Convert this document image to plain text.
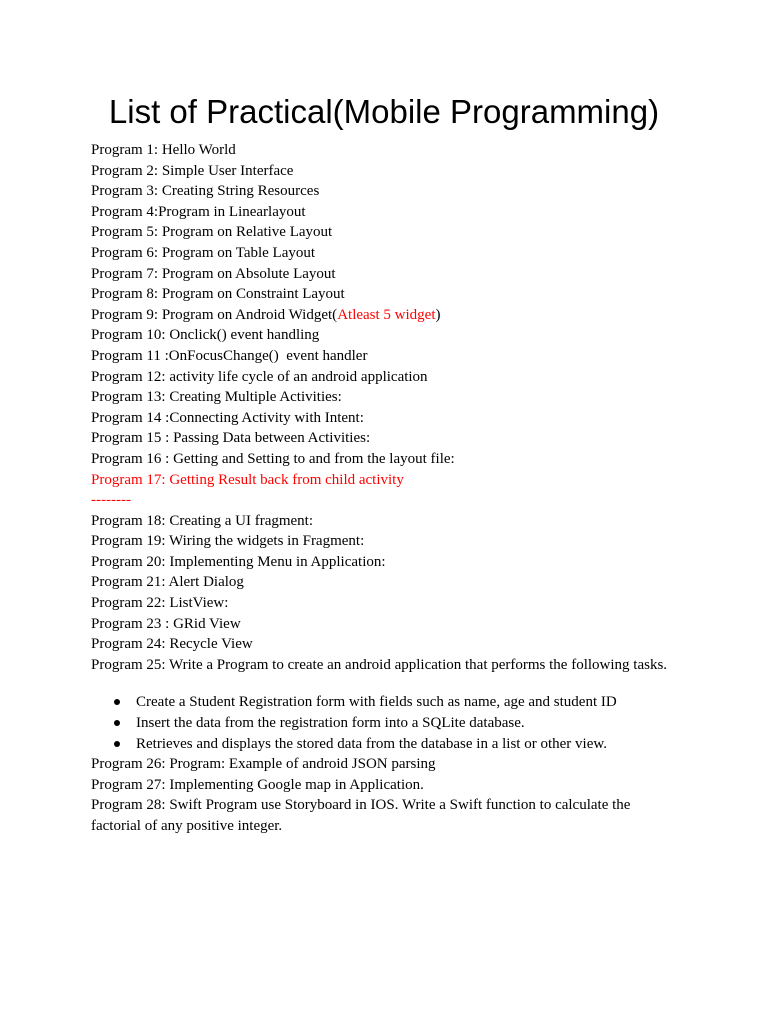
List of Practical(Mobile Programming)
Program 1: Hello World
Program 2: Simple User Interface
Program 3: Creating String Resources
Program 4:Program in Linearlayout
Program 5: Program on Relative Layout
Program 6: Program on Table Layout
Program 7: Program on Absolute Layout
Program 8: Program on Constraint Layout
Program 9: Program on Android Widget(Atleast 5 widget)
Program 10: Onclick() event handling
Program 11 :OnFocusChange()  event handler
Program 12: activity life cycle of an android application
Program 13: Creating Multiple Activities:
Program 14 :Connecting Activity with Intent:
Program 15 : Passing Data between Activities:
Program 16 : Getting and Setting to and from the layout file:
Program 17: Getting Result back from child activity
--------
Program 18: Creating a UI fragment:
Program 19: Wiring the widgets in Fragment:
Program 20: Implementing Menu in Application:
Program 21: Alert Dialog
Program 22: ListView:
Program 23 : GRid View
Program 24: Recycle View
Program 25: Write a Program to create an android application that performs the following tasks.
Create a Student Registration form with fields such as name, age and student ID
Insert the data from the registration form into a SQLite database.
Retrieves and displays the stored data from the database in a list or other view.
Program 26: Program: Example of android JSON parsing
Program 27: Implementing Google map in Application.
Program 28: Swift Program use Storyboard in IOS. Write a Swift function to calculate the factorial of any positive integer.
